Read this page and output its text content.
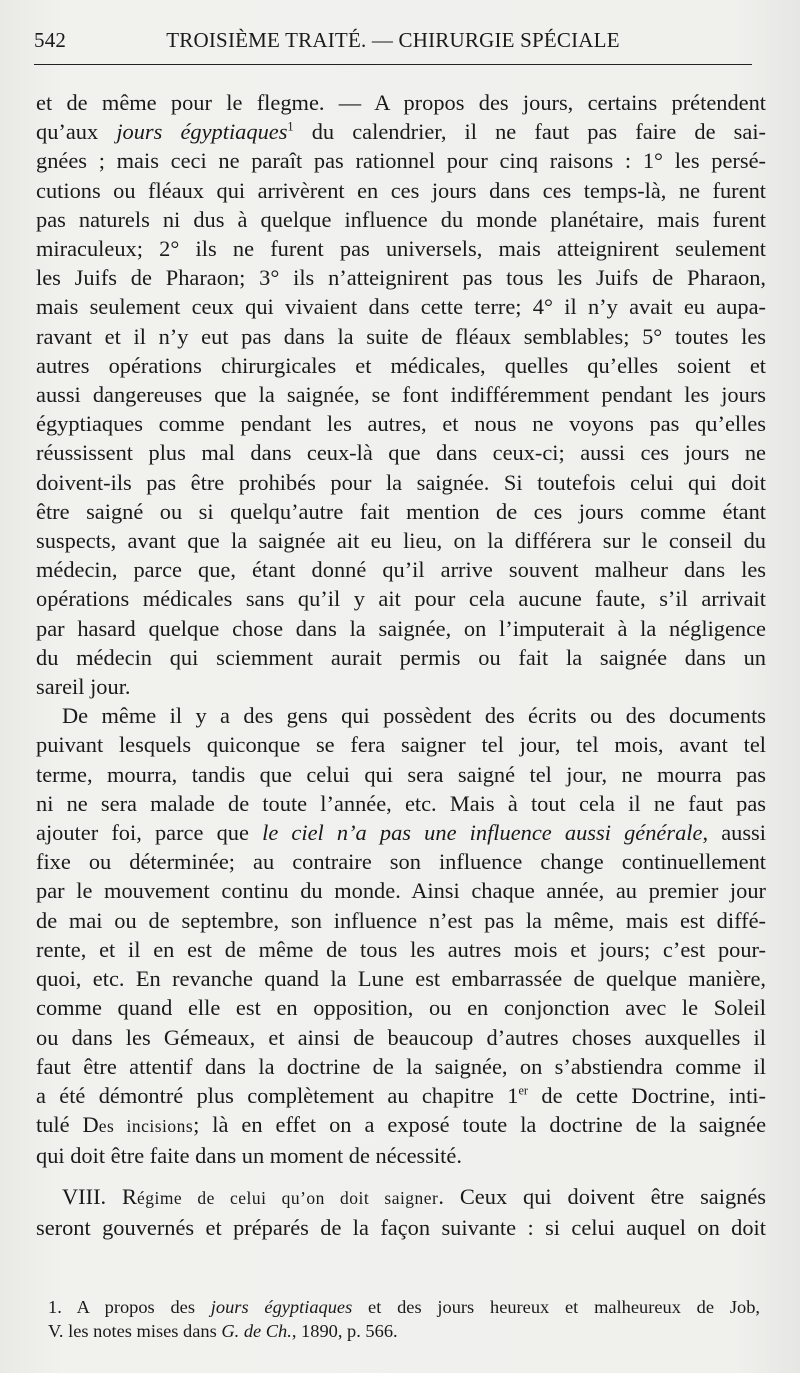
542	TROISIÈME TRAITÉ. — CHIRURGIE SPÉCIALE
et de même pour le flegme. — A propos des jours, certains prétendent
qu’aux jours égyptiaques$^1$ du calendrier, il ne faut pas faire de sai-
gnées ; mais ceci ne paraît pas rationnel pour cinq raisons : 1° les persé-
cutions ou fléaux qui arrivèrent en ces jours dans ces temps-là, ne furent
pas naturels ni dus à quelque influence du monde planétaire, mais furent
miraculeux; 2° ils ne furent pas universels, mais atteignirent seulement
les Juifs de Pharaon; 3° ils n’atteignirent pas tous les Juifs de Pharaon,
mais seulement ceux qui vivaient dans cette terre; 4° il n’y avait eu aupa-
ravant et il n’y eut pas dans la suite de fléaux semblables; 5° toutes les
autres opérations chirurgicales et médicales, quelles qu’elles soient et
aussi dangereuses que la saignée, se font indifféremment pendant les jours
égyptiaques comme pendant les autres, et nous ne voyons pas qu’elles
réussissent plus mal dans ceux-là que dans ceux-ci; aussi ces jours ne
doivent-ils pas être prohibés pour la saignée. Si toutefois celui qui doit
être saigné ou si quelqu’autre fait mention de ces jours comme étant
suspects, avant que la saignée ait eu lieu, on la différera sur le conseil du
médecin, parce que, étant donné qu’il arrive souvent malheur dans les
opérations médicales sans qu’il y ait pour cela aucune faute, s’il arrivait
par hasard quelque chose dans la saignée, on l’imputerait à la négligence
du médecin qui sciemment aurait permis ou fait la saignée dans un
sareil jour.
De même il y a des gens qui possèdent des écrits ou des documents
puivant lesquels quiconque se fera saigner tel jour, tel mois, avant tel
terme, mourra, tandis que celui qui sera saigné tel jour, ne mourra pas
ni ne sera malade de toute l’année, etc. Mais à tout cela il ne faut pas
ajouter foi, parce que le ciel n’a pas une influence aussi générale, aussi
fixe ou déterminée; au contraire son influence change continuellement
par le mouvement continu du monde. Ainsi chaque année, au premier jour
de mai ou de septembre, son influence n’est pas la même, mais est diffé-
rente, et il en est de même de tous les autres mois et jours; c’est pour-
quoi, etc. En revanche quand la Lune est embarrassée de quelque manière,
comme quand elle est en opposition, ou en conjonction avec le Soleil
ou dans les Gémeaux, et ainsi de beaucoup d’autres choses auxquelles il
faut être attentif dans la doctrine de la saignée, on s’abstiendra comme il
a été démontré plus complètement au chapitre 1er de cette Doctrine, inti-
tulé Des incisions; là en effet on a exposé toute la doctrine de la saignée
qui doit être faite dans un moment de nécessité.
VIII. Régime de celui qu’on doit saigner. Ceux qui doivent être saignés
seront gouvernés et préparés de la façon suivante : si celui auquel on doit
1. A propos des jours égyptiaques et des jours heureux et malheureux de Job,
V. les notes mises dans G. de Ch., 1890, p. 566.
